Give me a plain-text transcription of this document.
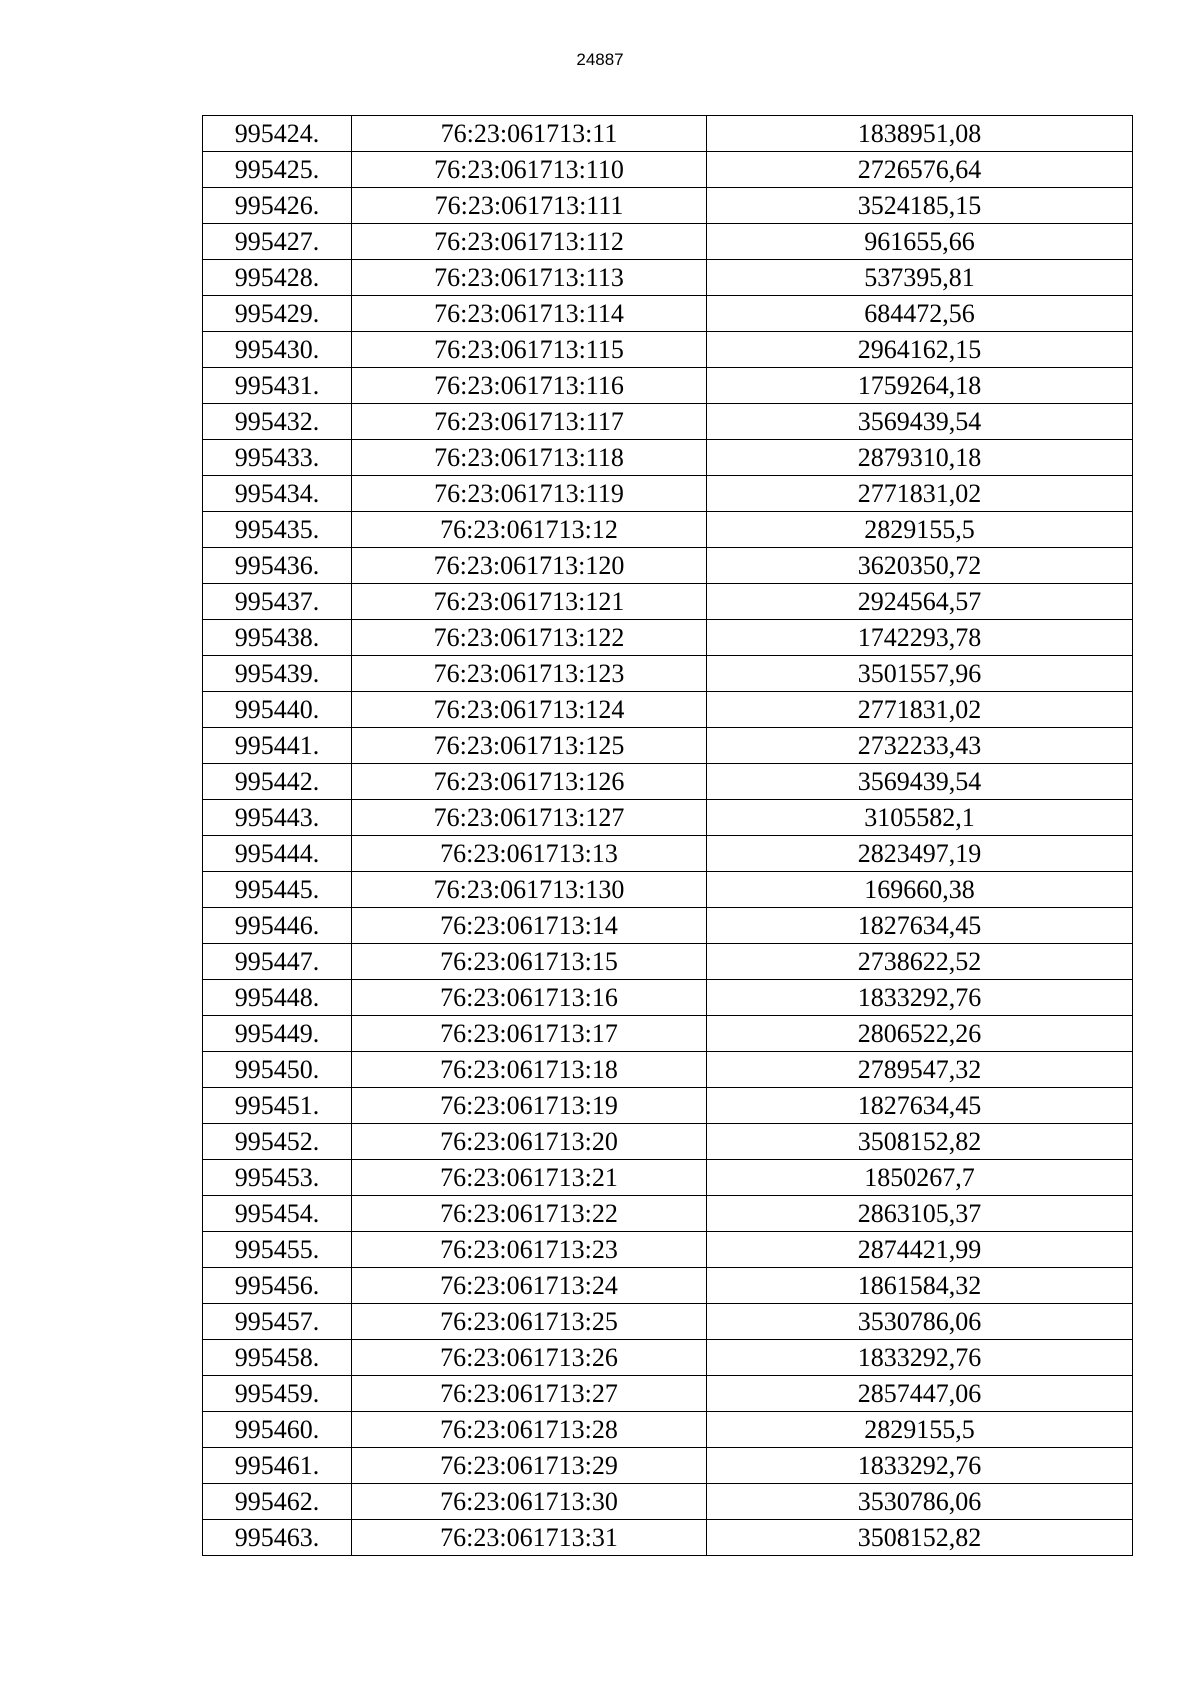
24887
995424.	76:23:061713:11	1838951,08
995425.	76:23:061713:110	2726576,64
995426.	76:23:061713:111	3524185,15
995427.	76:23:061713:112	961655,66
995428.	76:23:061713:113	537395,81
995429.	76:23:061713:114	684472,56
995430.	76:23:061713:115	2964162,15
995431.	76:23:061713:116	1759264,18
995432.	76:23:061713:117	3569439,54
995433.	76:23:061713:118	2879310,18
995434.	76:23:061713:119	2771831,02
995435.	76:23:061713:12	2829155,5
995436.	76:23:061713:120	3620350,72
995437.	76:23:061713:121	2924564,57
995438.	76:23:061713:122	1742293,78
995439.	76:23:061713:123	3501557,96
995440.	76:23:061713:124	2771831,02
995441.	76:23:061713:125	2732233,43
995442.	76:23:061713:126	3569439,54
995443.	76:23:061713:127	3105582,1
995444.	76:23:061713:13	2823497,19
995445.	76:23:061713:130	169660,38
995446.	76:23:061713:14	1827634,45
995447.	76:23:061713:15	2738622,52
995448.	76:23:061713:16	1833292,76
995449.	76:23:061713:17	2806522,26
995450.	76:23:061713:18	2789547,32
995451.	76:23:061713:19	1827634,45
995452.	76:23:061713:20	3508152,82
995453.	76:23:061713:21	1850267,7
995454.	76:23:061713:22	2863105,37
995455.	76:23:061713:23	2874421,99
995456.	76:23:061713:24	1861584,32
995457.	76:23:061713:25	3530786,06
995458.	76:23:061713:26	1833292,76
995459.	76:23:061713:27	2857447,06
995460.	76:23:061713:28	2829155,5
995461.	76:23:061713:29	1833292,76
995462.	76:23:061713:30	3530786,06
995463.	76:23:061713:31	3508152,82
